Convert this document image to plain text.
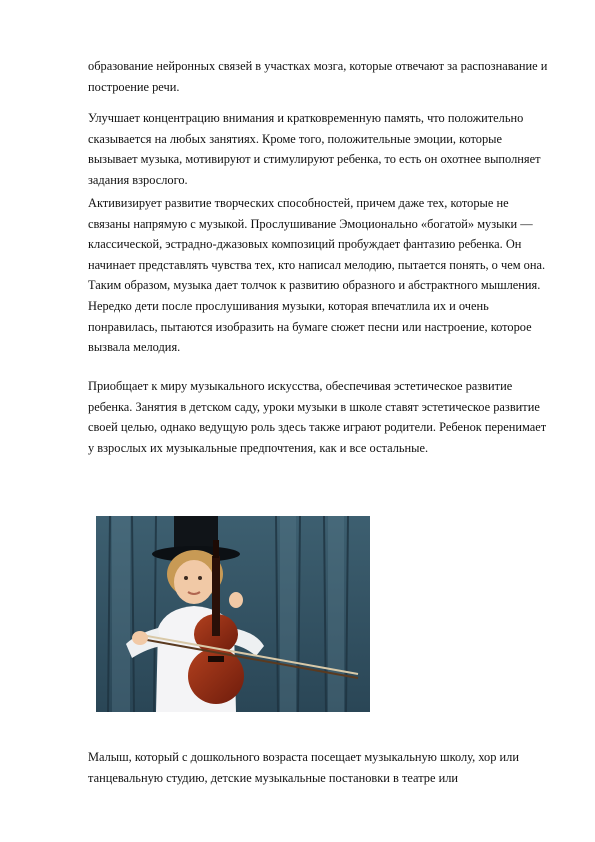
образование нейронных связей в участках мозга, которые отвечают за распознавание и построение речи.

Улучшает концентрацию внимания и кратковременную память, что положительно сказывается на любых занятиях. Кроме того, положительные эмоции, которые вызывает музыка, мотивируют и стимулируют ребенка, то есть он охотнее выполняет задания взрослого.

Активизирует развитие творческих способностей, причем даже тех, которые не связаны напрямую с музыкой. Прослушивание Эмоционально «богатой» музыки — классической, эстрадно-джазовых композиций пробуждает фантазию ребенка. Он начинает представлять чувства тех, кто написал мелодию, пытается понять, о чем она. Таким образом, музыка дает толчок к развитию образного и абстрактного мышления. Нередко дети после прослушивания музыки, которая впечатлила их и очень понравилась, пытаются изобразить на бумаге сюжет песни или настроение, которое вызвала мелодия.

Приобщает к миру музыкального искусства, обеспечивая эстетическое развитие ребенка. Занятия в детском саду, уроки музыки в школе ставят эстетическое развитие своей целью, однако ведущую роль здесь также играют родители. Ребенок перенимает у взрослых их музыкальные предпочтения, как и все остальные.

Малыш, который с дошкольного возраста посещает музыкальную школу, хор или танцевальную студию, детские музыкальные постановки в театре или
